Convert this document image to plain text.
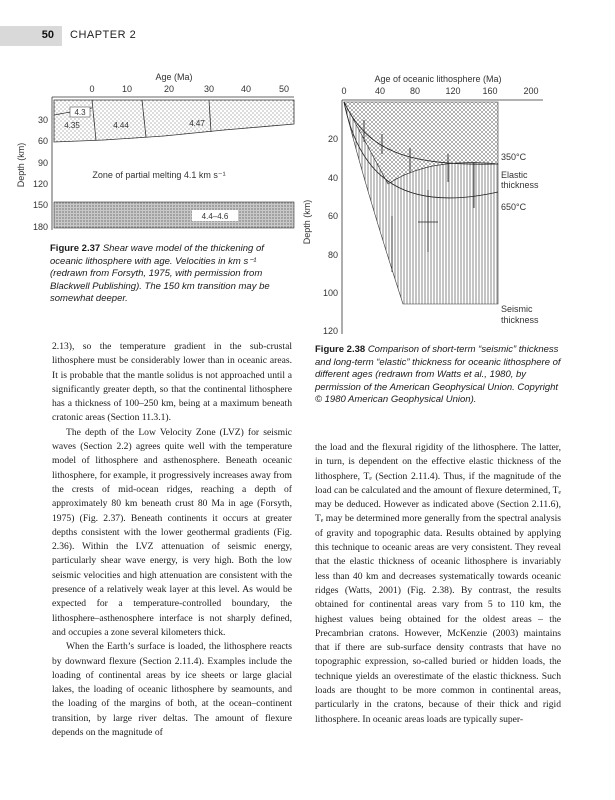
50 CHAPTER 2
Age (Ma)
0	10	20	30	40	50
4.3
4.35	4.44	4.47
Zone of partial melting 4.1 km s⁻¹
4.4–4.6
30
60
90
120
150
180
Depth (km)
Figure 2.37 Shear wave model of the thickening of oceanic lithosphere with age. Velocities in km s⁻¹ (redrawn from Forsyth, 1975, with permission from Blackwell Publishing). The 150 km transition may be somewhat deeper.
Age of oceanic lithosphere (Ma)
0	40	80	120 160	200
350°C
Elastic
thickness
650°C
Seismic
thickness
20
40
60
80
100
120
Depth (km)
Figure 2.38 Comparison of short-term “seismic” thickness and long-term “elastic” thickness for oceanic lithosphere of different ages (redrawn from Watts et al., 1980, by permission of the American Geophysical Union. Copyright © 1980 American Geophysical Union).

2.13), so the temperature gradient in the sub-crustal lithosphere must be considerably lower than in oceanic areas. It is probable that the mantle solidus is not approached until a significantly greater depth, so that the continental lithosphere has a thickness of 100–250 km, being at a maximum beneath cratonic areas (Section 11.3.1).

The depth of the Low Velocity Zone (LVZ) for seismic waves (Section 2.2) agrees quite well with the temperature model of lithosphere and asthenosphere. Beneath oceanic lithosphere, for example, it progressively increases away from the crests of mid-ocean ridges, reaching a depth of approximately 80 km beneath crust 80 Ma in age (Forsyth, 1975) (Fig. 2.37). Beneath continents it occurs at greater depths consistent with the lower geothermal gradients (Fig. 2.36). Within the LVZ attenuation of seismic energy, particularly shear wave energy, is very high. Both the low seismic velocities and high attenuation are consistent with the presence of a relatively weak layer at this level. As would be expected for a temperature-controlled boundary, the lithosphere–asthenosphere interface is not sharply defined, and occupies a zone several kilometers thick.

When the Earth’s surface is loaded, the lithosphere reacts by downward flexure (Section 2.11.4). Examples include the loading of continental areas by ice sheets or large glacial lakes, the loading of oceanic lithosphere by seamounts, and the loading of the margins of both, at the ocean–continent transition, by large river deltas. The amount of flexure depends on the magnitude of

the load and the flexural rigidity of the lithosphere. The latter, in turn, is dependent on the effective elastic thickness of the lithosphere, Tₑ (Section 2.11.4). Thus, if the magnitude of the load can be calculated and the amount of flexure determined, Tₑ may be deduced. However as indicated above (Section 2.11.6), Tₑ may be determined more generally from the spectral analysis of gravity and topographic data. Results obtained by applying this technique to oceanic areas are very consistent. They reveal that the elastic thickness of oceanic lithosphere is invariably less than 40 km and decreases systematically towards oceanic ridges (Watts, 2001) (Fig. 2.38). By contrast, the results obtained for continental areas vary from 5 to 110 km, the highest values being obtained for the oldest areas – the Precambrian cratons. However, McKenzie (2003) maintains that if there are sub-surface density contrasts that have no topographic expression, so-called buried or hidden loads, the technique yields an overestimate of the elastic thickness. Such loads are thought to be more common in continental areas, particularly in the cratons, because of their thick and rigid lithosphere. In oceanic areas loads are typically super-
